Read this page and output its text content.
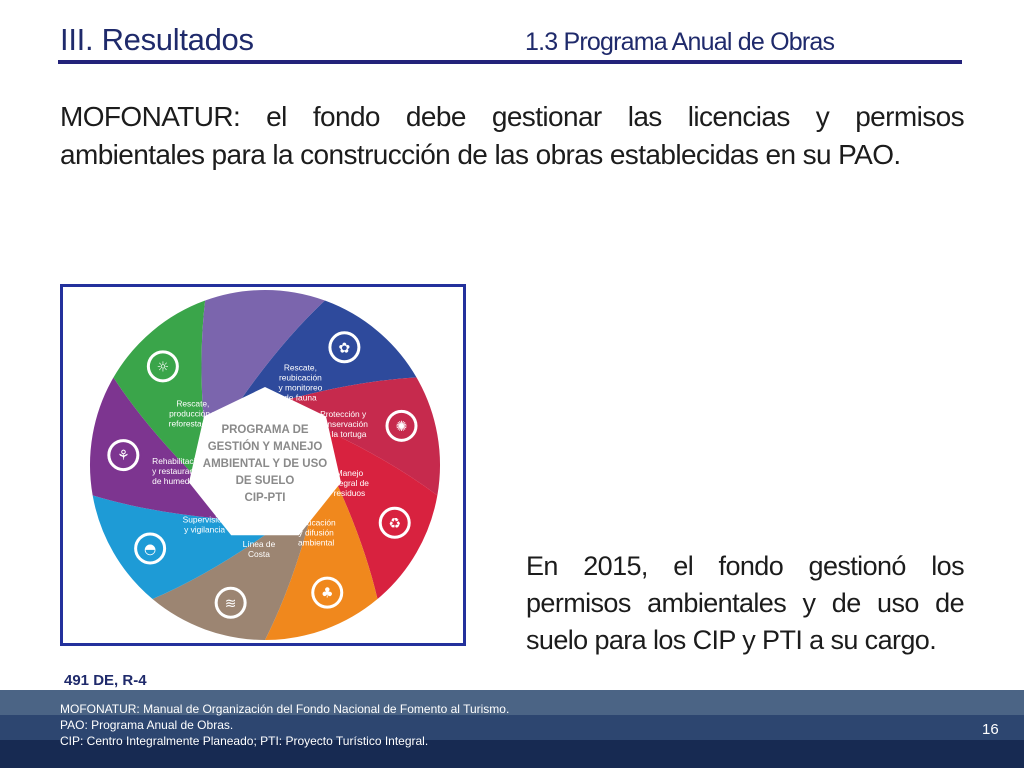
III. Resultados	1.3 Programa Anual de Obras
MOFONATUR: el fondo debe gestionar las licencias y permisos ambientales para la construcción de las obras establecidas en su PAO.
PROGRAMA DE
GESTIÓN Y MANEJO
AMBIENTAL Y DE USO
DE SUELO
CIP-PTI
✿
Rescate,
reubicación
y monitoreo
de fauna
✺
Protección y
conservación
de la tortuga
♻
Manejo
integral de
residuos
♣
Educación
y difusión
ambiental
≋
Línea de
Costa
◓
Supervisión
y vigilancia
⚘	Rehabilitación
y restauración
de humedales
☼
Rescate,
producción y
reforestación
491 DE, R-4
En 2015, el fondo gestionó los permisos ambientales y de uso de suelo para los CIP y PTI a su cargo.
MOFONATUR: Manual de Organización del Fondo Nacional de Fomento al Turismo.
PAO: Programa Anual de Obras.
CIP: Centro Integralmente Planeado; PTI: Proyecto Turístico Integral.
16
